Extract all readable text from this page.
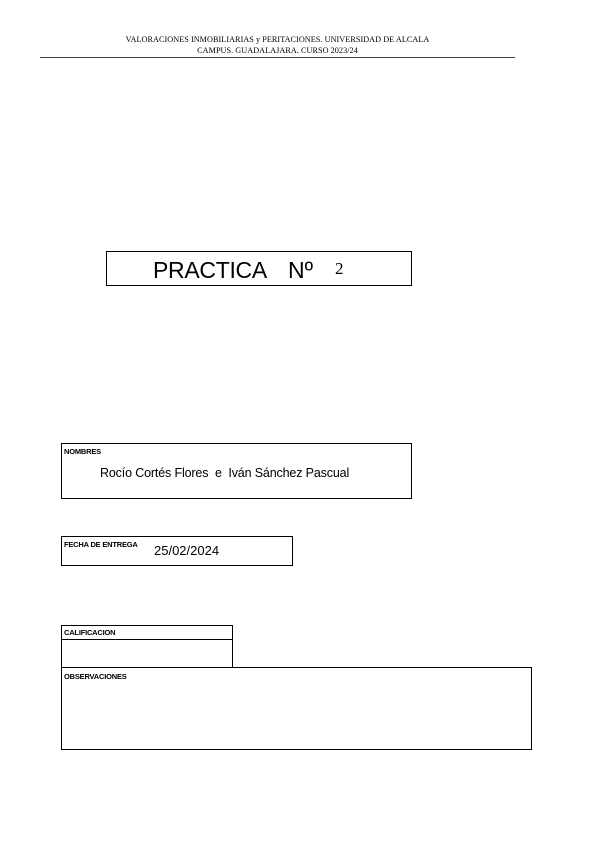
VALORACIONES INMOBILIARIAS y PERITACIONES. UNIVERSIDAD DE ALCALA
CAMPUS. GUADALAJARA. CURSO 2023/24
PRACTICA Nº 2
NOMBRES
Rocío Cortés Flores  e  Iván Sánchez Pascual
FECHA DE ENTREGA 25/02/2024
CALIFICACION
OBSERVACIONES
